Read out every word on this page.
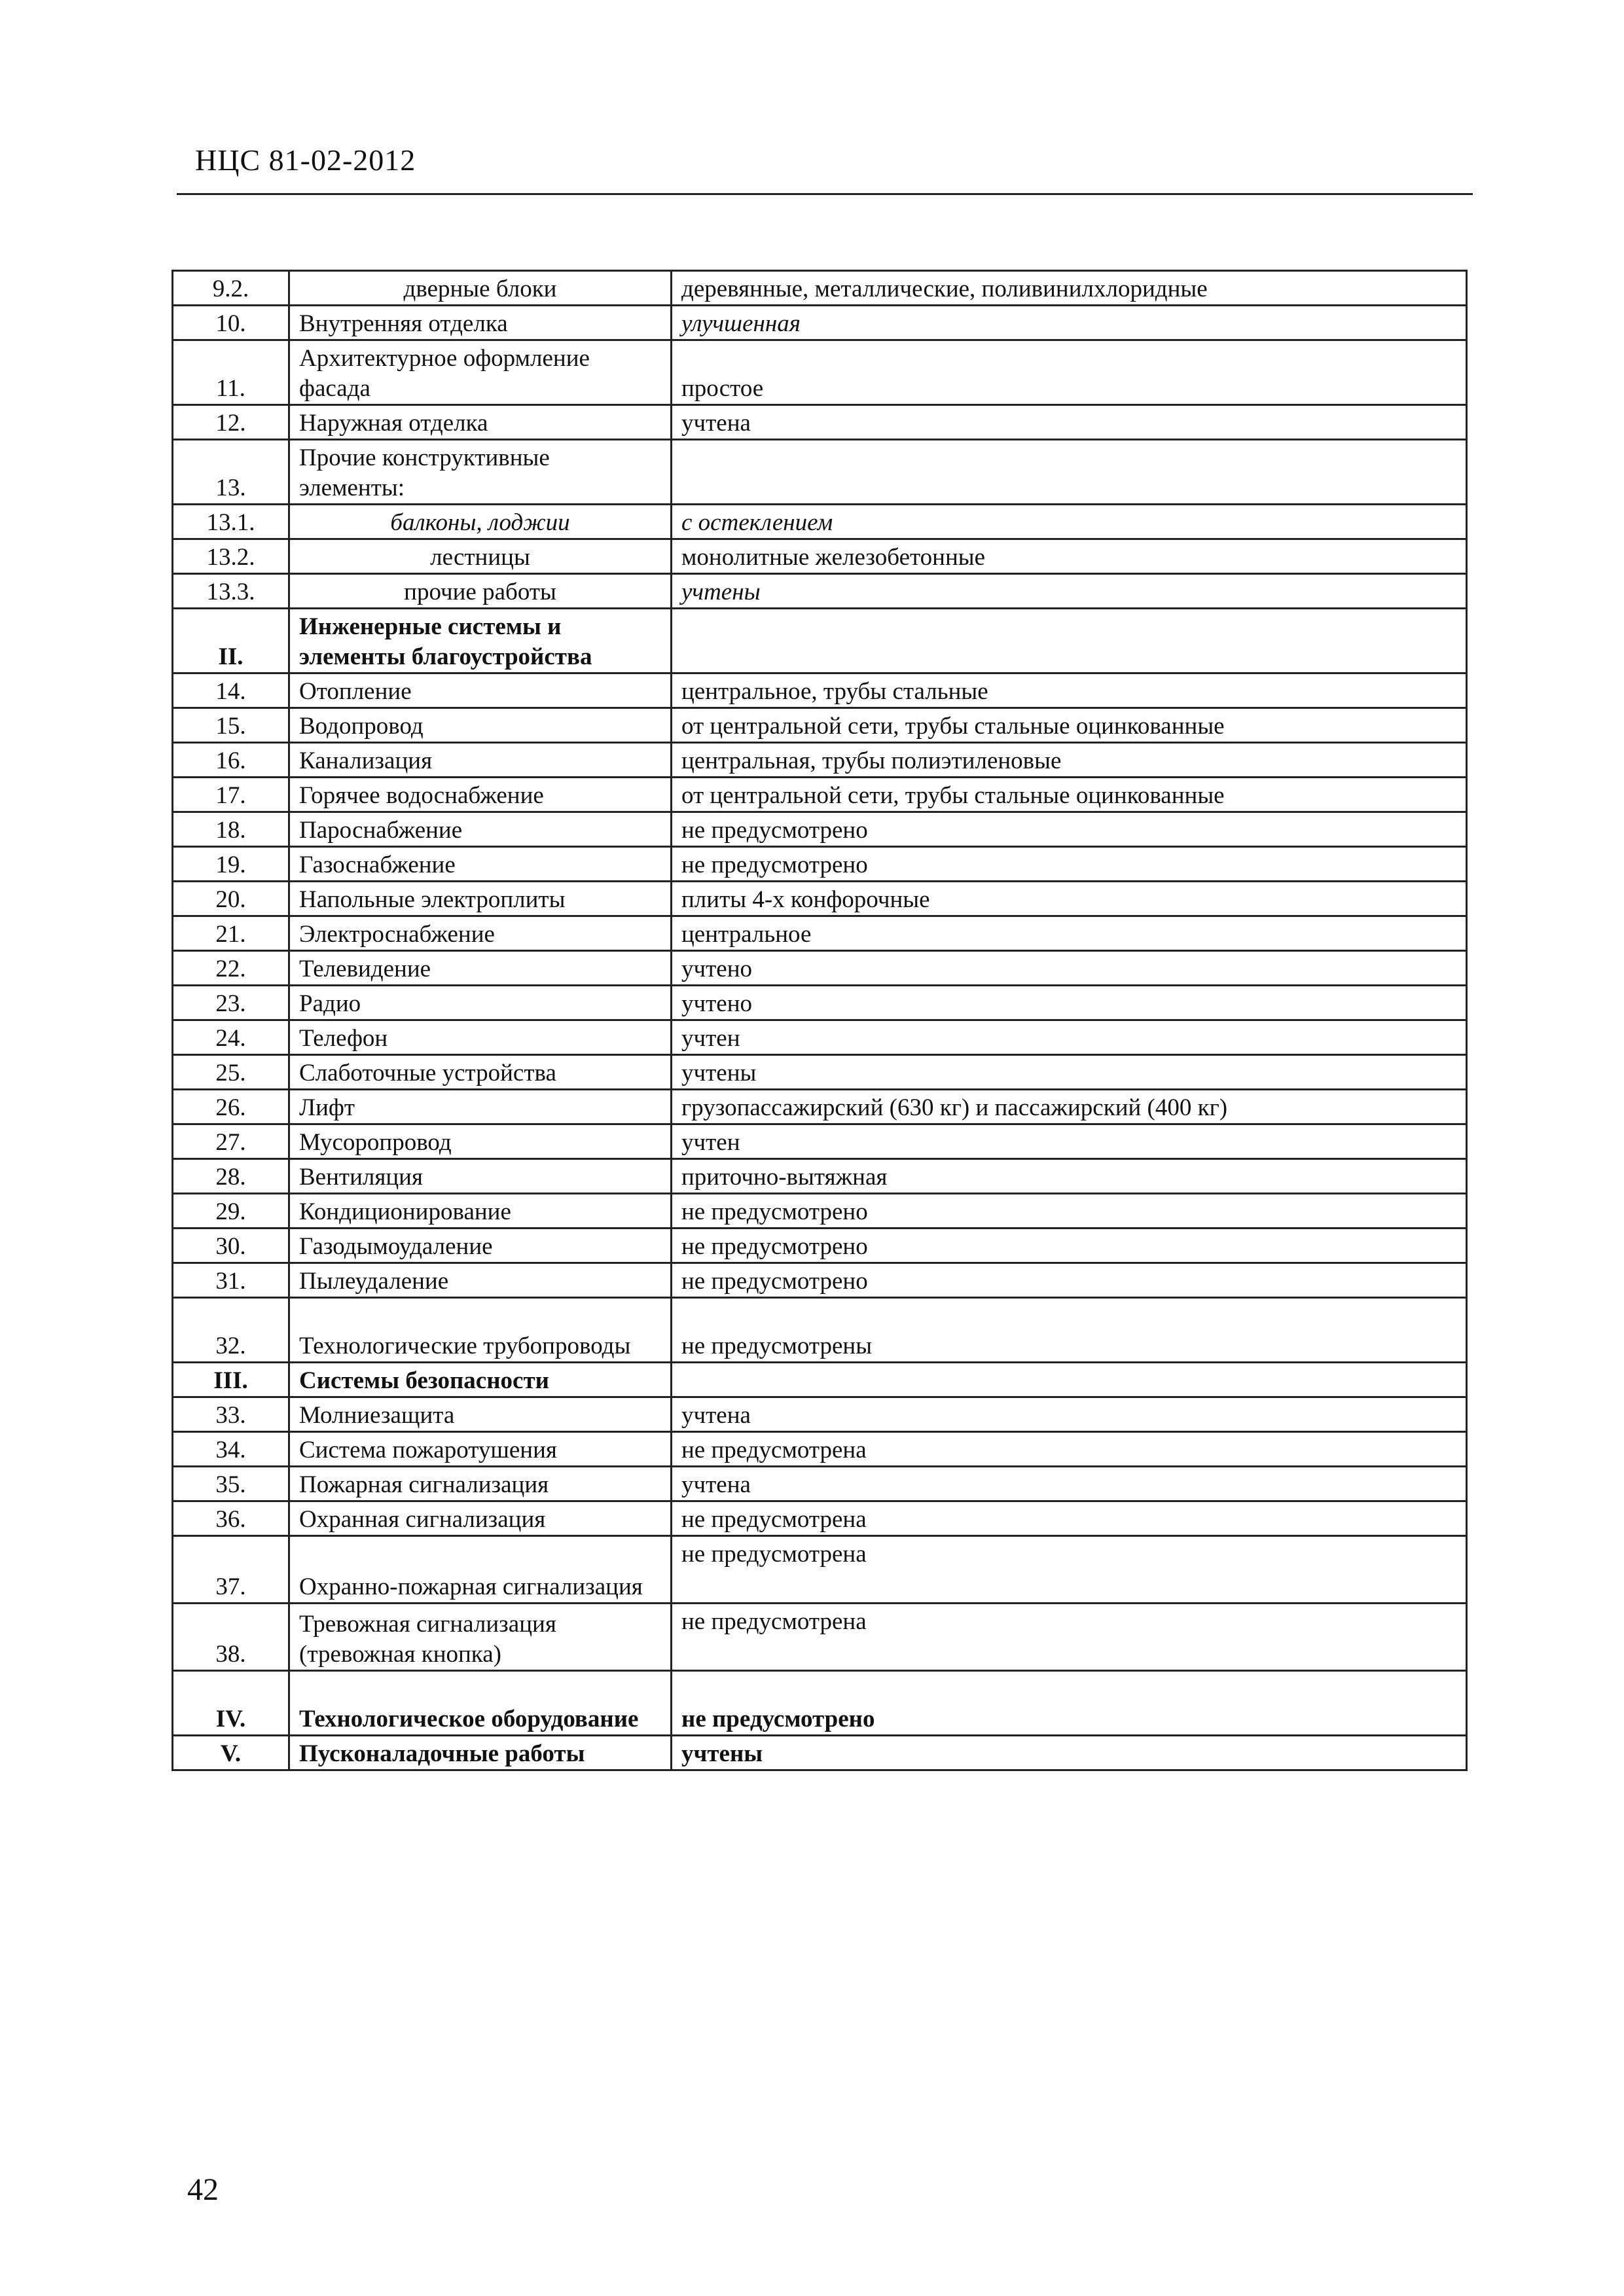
НЦС 81-02-2012
9.2.	дверные блоки	деревянные, металлические, поливинилхлоридные
10.	Внутренняя отделка	улучшенная
11.	Архитектурное оформление фасада	простое
12.	Наружная отделка	учтена
13.	Прочие конструктивные элементы:	
13.1.	балконы, лоджии	с остеклением
13.2.	лестницы	монолитные железобетонные
13.3.	прочие работы	учтены
II.	Инженерные системы и элементы благоустройства	
14.	Отопление	центральное, трубы стальные
15.	Водопровод	от центральной сети, трубы стальные оцинкованные
16.	Канализация	центральная, трубы полиэтиленовые
17.	Горячее водоснабжение	от центральной сети, трубы стальные оцинкованные
18.	Пароснабжение	не предусмотрено
19.	Газоснабжение	не предусмотрено
20.	Напольные электроплиты	плиты 4-х конфорочные
21.	Электроснабжение	центральное
22.	Телевидение	учтено
23.	Радио	учтено
24.	Телефон	учтен
25.	Слаботочные устройства	учтены
26.	Лифт	грузопассажирский (630 кг) и пассажирский (400 кг)
27.	Мусоропровод	учтен
28.	Вентиляция	приточно-вытяжная
29.	Кондиционирование	не предусмотрено
30.	Газодымоудаление	не предусмотрено
31.	Пылеудаление	не предусмотрено
32.	Технологические трубопроводы	не предусмотрены
III.	Системы безопасности	
33.	Молниезащита	учтена
34.	Система пожаротушения	не предусмотрена
35.	Пожарная сигнализация	учтена
36.	Охранная сигнализация	не предусмотрена
37.	Охранно-пожарная сигнализация	не предусмотрена
38.	Тревожная сигнализация (тревожная кнопка)	не предусмотрена
IV.	Технологическое оборудование	не предусмотрено
V.	Пусконаладочные работы	учтены
42
